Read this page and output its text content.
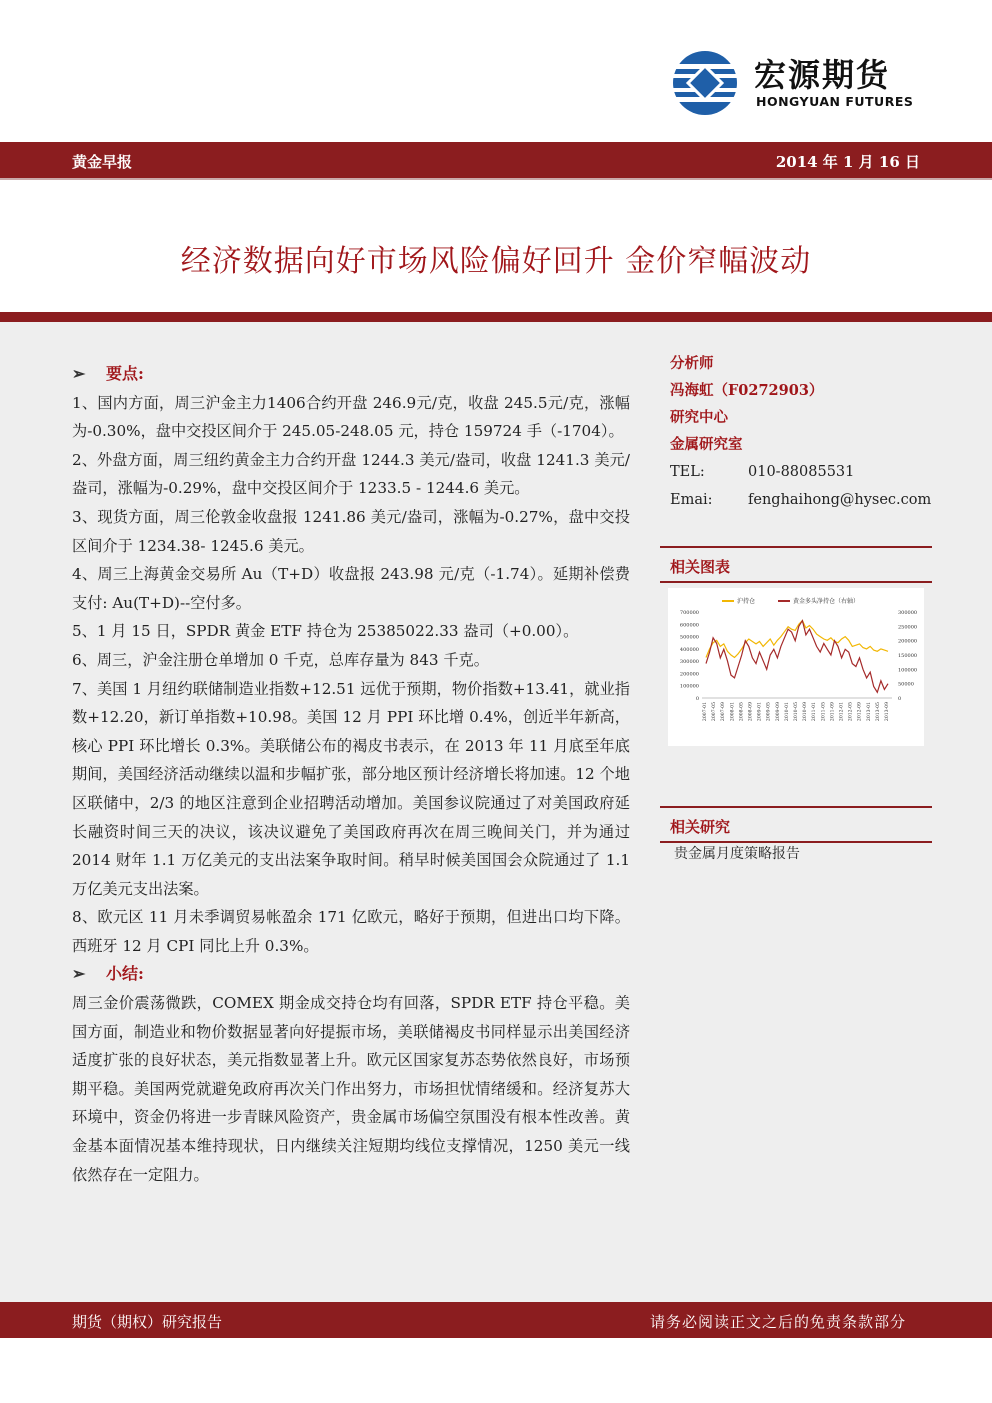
宏源期货
HONGYUAN FUTURES
黄金早报	2014 年 1 月 16 日
经济数据向好市场风险偏好回升 金价窄幅波动

➢ 要点:

1、国内方面，周三沪金主力1406合约开盘 246.9元/克，收盘 245.5元/克，涨幅为-0.30%，盘中交投区间介于 245.05-248.05 元，持仓 159724 手（-1704）。

2、外盘方面，周三纽约黄金主力合约开盘 1244.3 美元/盎司，收盘 1241.3 美元/盎司，涨幅为-0.29%，盘中交投区间介于 1233.5 - 1244.6 美元。

3、现货方面，周三伦敦金收盘报 1241.86 美元/盎司，涨幅为-0.27%，盘中交投区间介于 1234.38- 1245.6 美元。

4、周三上海黄金交易所 Au（T+D）收盘报 243.98 元/克（-1.74）。延期补偿费支付: Au(T+D)--空付多。

5、1 月 15 日，SPDR 黄金 ETF 持仓为 25385022.33 盎司（+0.00）。

6、周三，沪金注册仓单增加 0 千克，总库存量为 843 千克。

7、美国 1 月纽约联储制造业指数+12.51 远优于预期，物价指数+13.41，就业指数+12.20，新订单指数+10.98。美国 12 月 PPI 环比增 0.4%，创近半年新高，核心 PPI 环比增长 0.3%。美联储公布的褐皮书表示，在 2013 年 11 月底至年底期间，美国经济活动继续以温和步幅扩张，部分地区预计经济增长将加速。12 个地区联储中，2/3 的地区注意到企业招聘活动增加。美国参议院通过了对美国政府延长融资时间三天的决议，该决议避免了美国政府再次在周三晚间关门，并为通过 2014 财年 1.1 万亿美元的支出法案争取时间。稍早时候美国国会众院通过了 1.1 万亿美元支出法案。

8、欧元区 11 月未季调贸易帐盈余 171 亿欧元，略好于预期，但进出口均下降。西班牙 12 月 CPI 同比上升 0.3%。

➢ 小结:

周三金价震荡微跌，COMEX 期金成交持仓均有回落，SPDR ETF 持仓平稳。美国方面，制造业和物价数据显著向好提振市场，美联储褐皮书同样显示出美国经济适度扩张的良好状态，美元指数显著上升。欧元区国家复苏态势依然良好，市场预期平稳。美国两党就避免政府再次关门作出努力，市场担忧情绪缓和。经济复苏大环境中，资金仍将进一步青睐风险资产，贵金属市场偏空氛围没有根本性改善。黄金基本面情况基本维持现状，日内继续关注短期均线位支撑情况，1250 美元一线依然存在一定阻力。

分析师
冯海虹（F0272903）
研究中心
金属研究室
TEL:	010-88085531
Emai: fenghaihong@hysec.com
相关图表
沪持仓	黄金多头净持仓（右轴）
700000
600000
500000
400000
300000
200000
100000
0
300000
250000
200000
150000
100000
50000
0
2007-01 2007-05 2007-09 2008-01 2008-05 2008-09 2009-01 2009-05 2009-09 2010-01 2010-05 2010-09 2011-01 2011-05 2011-09 2012-01 2012-05 2012-09 2013-01 2013-05 2013-09
相关研究
贵金属月度策略报告
期货（期权）研究报告	请务必阅读正文之后的免责条款部分
